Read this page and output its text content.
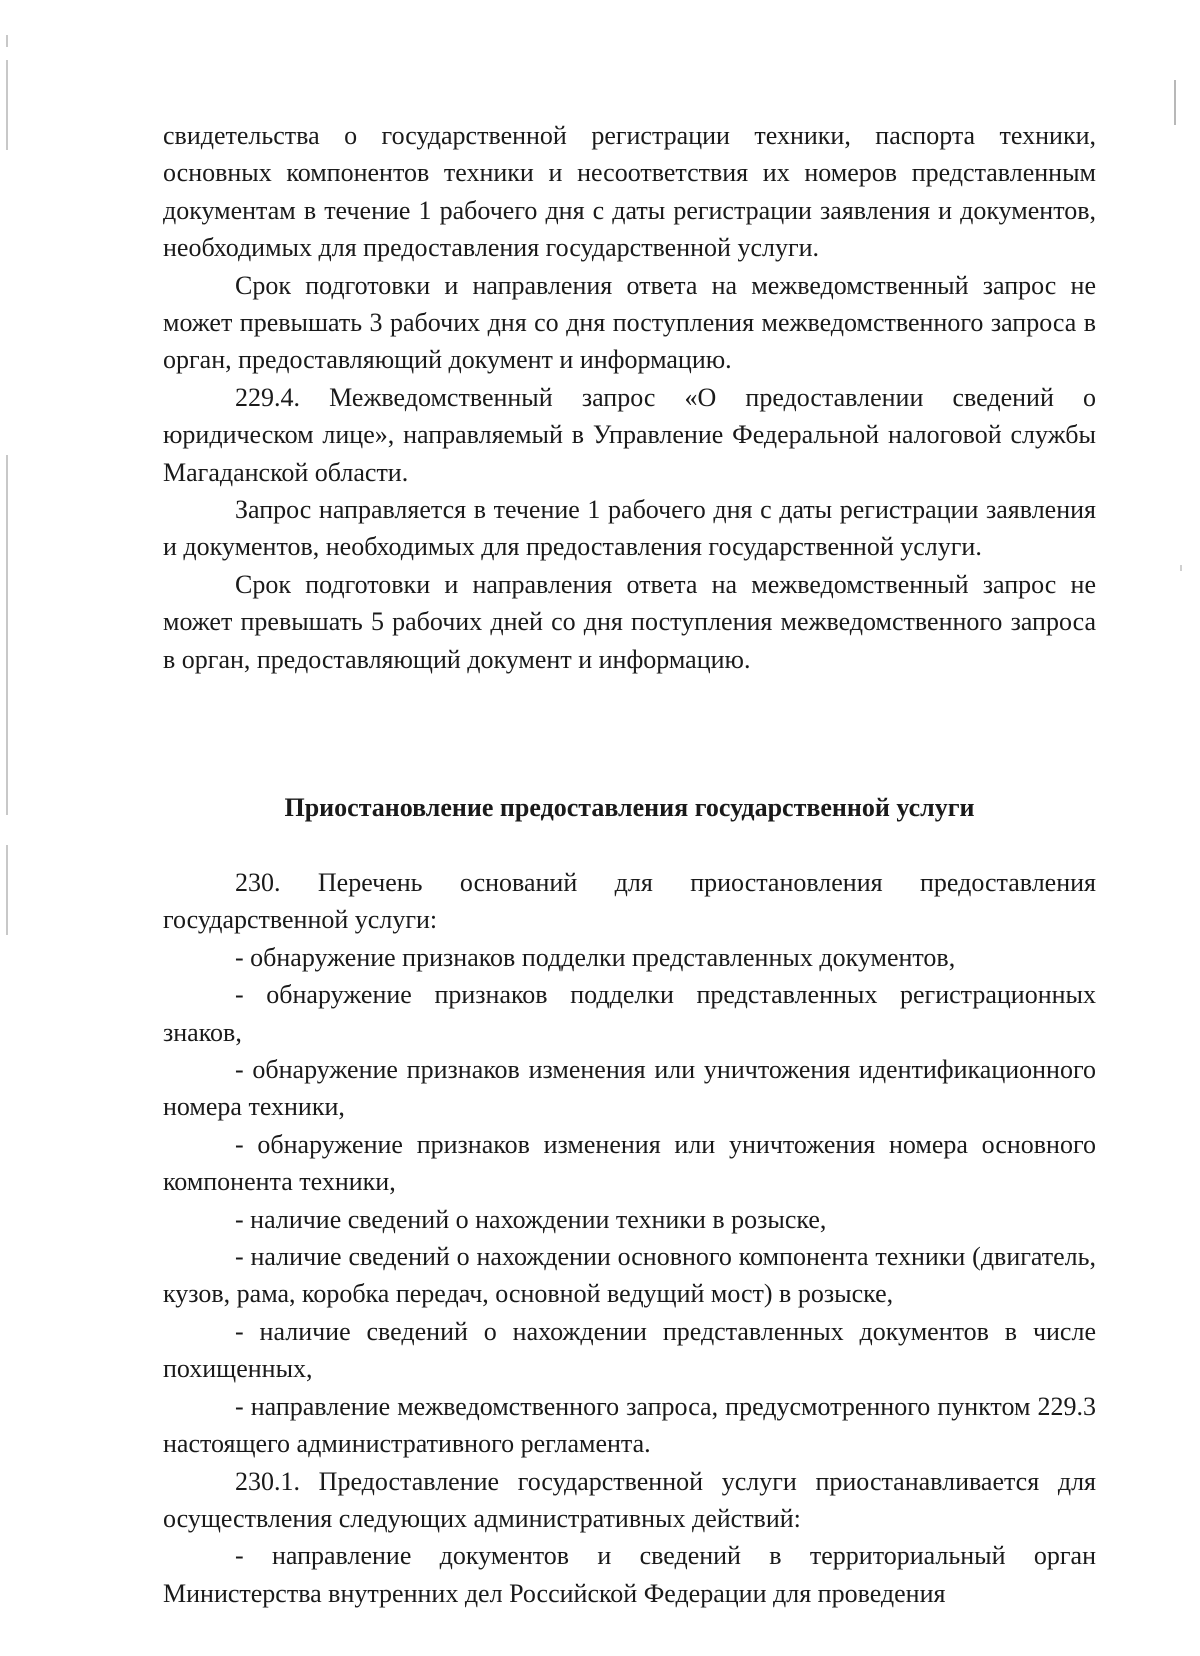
свидетельства о государственной регистрации техники, паспорта техники, основных компонентов техники и несоответствия их номеров представленным документам в течение 1 рабочего дня с даты регистрации заявления и документов, необходимых для предоставления государственной услуги.

Срок подготовки и направления ответа на межведомственный запрос не может превышать 3 рабочих дня со дня поступления межведомственного запроса в орган, предоставляющий документ и информацию.

229.4. Межведомственный запрос «О предоставлении сведений о юридическом лице», направляемый в Управление Федеральной налоговой службы Магаданской области.

Запрос направляется в течение 1 рабочего дня с даты регистрации заявления и документов, необходимых для предоставления государственной услуги.

Срок подготовки и направления ответа на межведомственный запрос не может превышать 5 рабочих дней со дня поступления межведомственного запроса в орган, предоставляющий документ и информацию.

Приостановление предоставления государственной услуги

230. Перечень оснований для приостановления предоставления государственной услуги:

- обнаружение признаков подделки представленных документов,

- обнаружение признаков подделки представленных регистрационных знаков,

- обнаружение признаков изменения или уничтожения идентификационного номера техники,

- обнаружение признаков изменения или уничтожения номера основного компонента техники,

- наличие сведений о нахождении техники в розыске,

- наличие сведений о нахождении основного компонента техники (двигатель, кузов, рама, коробка передач, основной ведущий мост) в розыске,

- наличие сведений о нахождении представленных документов в числе похищенных,

- направление межведомственного запроса, предусмотренного пунктом 229.3 настоящего административного регламента.

230.1. Предоставление государственной услуги приостанавливается для осуществления следующих административных действий:

- направление документов и сведений в территориальный орган Министерства внутренних дел Российской Федерации для проведения
